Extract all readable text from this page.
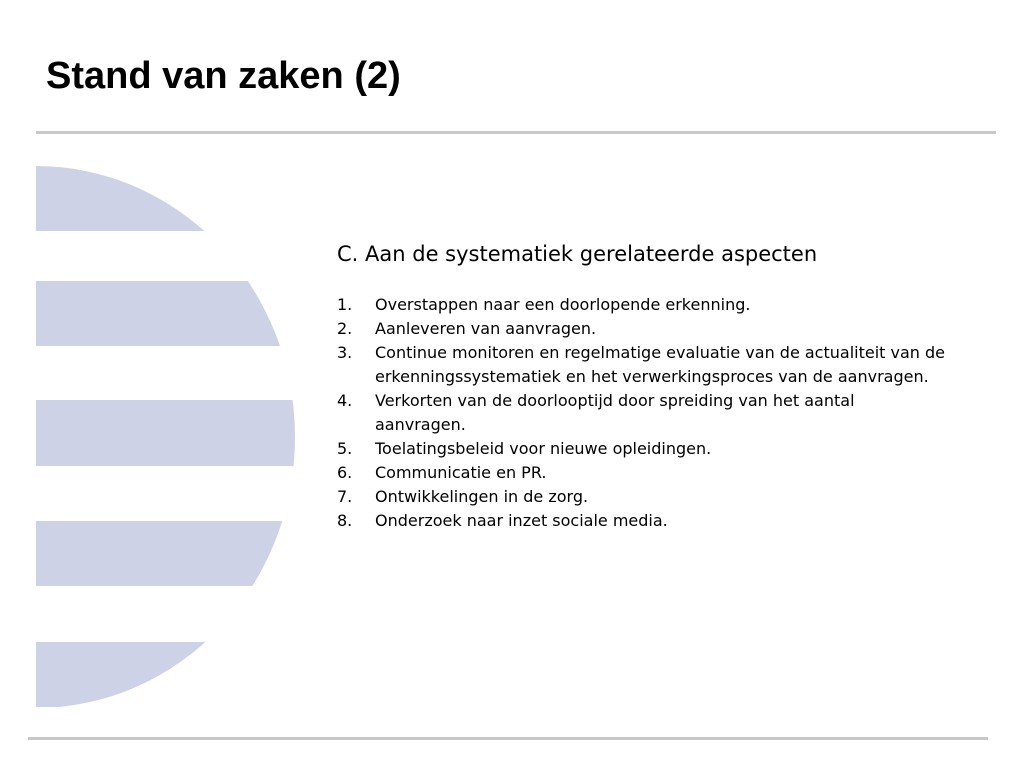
Stand van zaken (2)

C. Aan de systematiek gerelateerde aspecten

1.	Overstappen naar een doorlopende erkenning.
2.	Aanleveren van aanvragen.
3.	Continue monitoren en regelmatige evaluatie van de actualiteit van de erkenningssystematiek en het verwerkingsproces van de aanvragen.
4.	Verkorten van de doorlooptijd door spreiding van het aantal aanvragen.
5.	Toelatingsbeleid voor nieuwe opleidingen.
6.	Communicatie en PR.
7.	Ontwikkelingen in de zorg.
8.	Onderzoek naar inzet sociale media.
